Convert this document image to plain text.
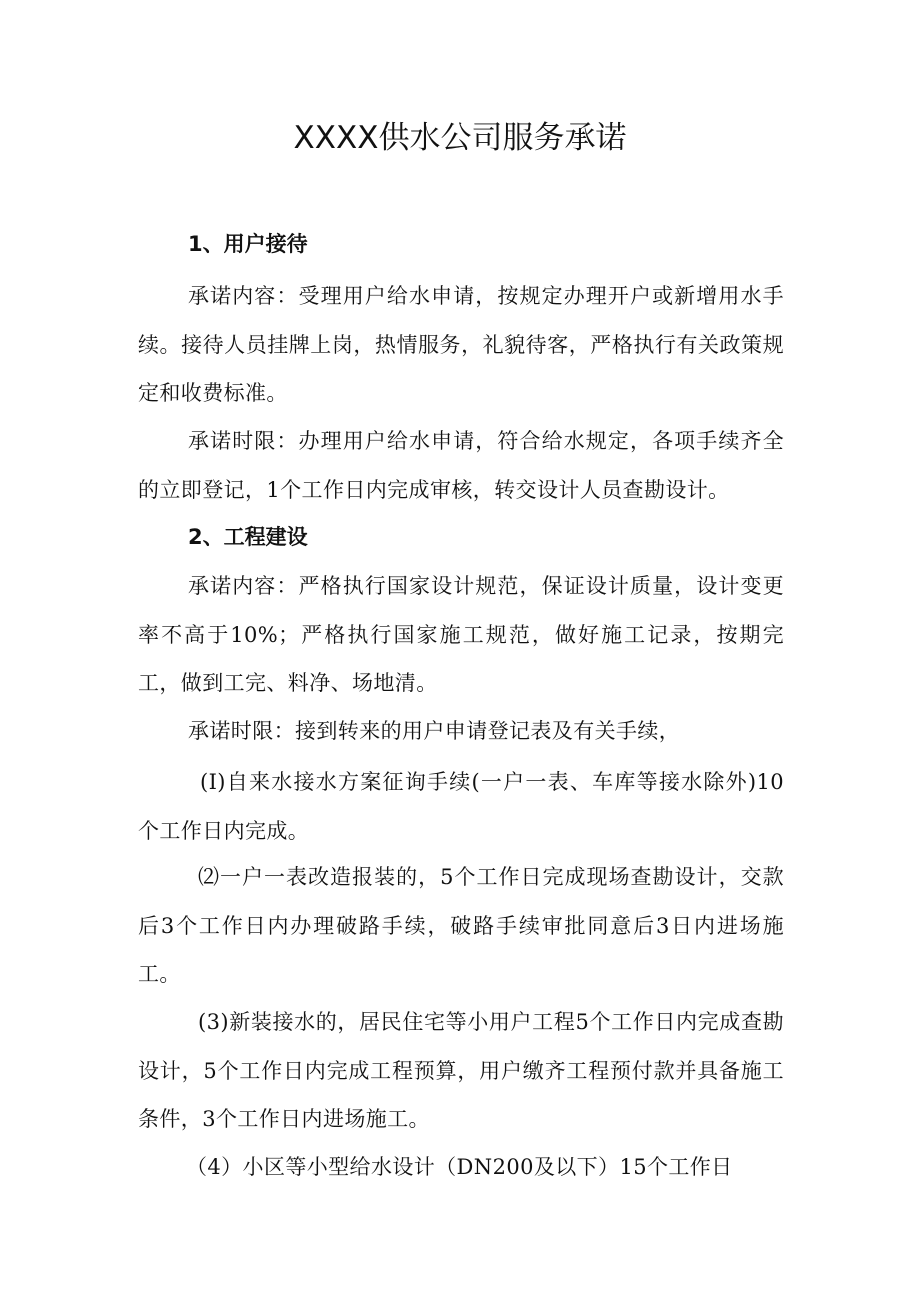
XXXX供水公司服务承诺
1、用户接待

承诺内容：受理用户给水申请，按规定办理开户或新增用水手续。接待人员挂牌上岗，热情服务，礼貌待客，严格执行有关政策规定和收费标准。

承诺时限：办理用户给水申请，符合给水规定，各项手续齐全的立即登记，1个工作日内完成审核，转交设计人员查勘设计。

2、工程建设

承诺内容：严格执行国家设计规范，保证设计质量，设计变更率不高于10%；严格执行国家施工规范，做好施工记录，按期完工，做到工完、料净、场地清。

承诺时限：接到转来的用户申请登记表及有关手续，

(I)自来水接水方案征询手续(一户一表、车库等接水除外)10个工作日内完成。

⑵一户一表改造报装的，5个工作日完成现场查勘设计，交款后3个工作日内办理破路手续，破路手续审批同意后3日内进场施工。

(3)新装接水的，居民住宅等小用户工程5个工作日内完成查勘设计，5个工作日内完成工程预算，用户缴齐工程预付款并具备施工条件，3个工作日内进场施工。

（4）小区等小型给水设计（DN200及以下）15个工作日
